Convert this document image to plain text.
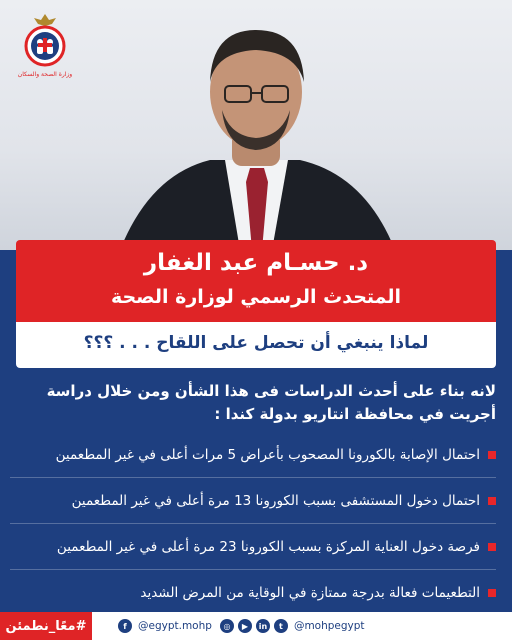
وزارة الصحة والسكان
د. حسـام عبد الغفار
المتحدث الرسمي لوزارة الصحة
لماذا ينبغي أن تحصل على اللقاح . . . ؟؟؟
لانه بناء على أحدث الدراسات فى هذا الشأن ومن خلال دراسة
أجريت في محافظة انتاريو بدولة كندا :
احتمال الإصابة بالكورونا المصحوب بأعراض 5 مرات أعلى في غير المطعمين
احتمال دخول المستشفى بسبب الكورونا 13 مرة أعلى في غير المطعمين
فرصة دخول العناية المركزة بسبب الكورونا 23 مرة أعلى في غير المطعمين
التطعيمات فعالة بدرجة ممتازة في الوقاية من المرض الشديد
#معًا_نطمئن	f	@egypt.mohp	◎	▶	in	t	@mohpegypt
